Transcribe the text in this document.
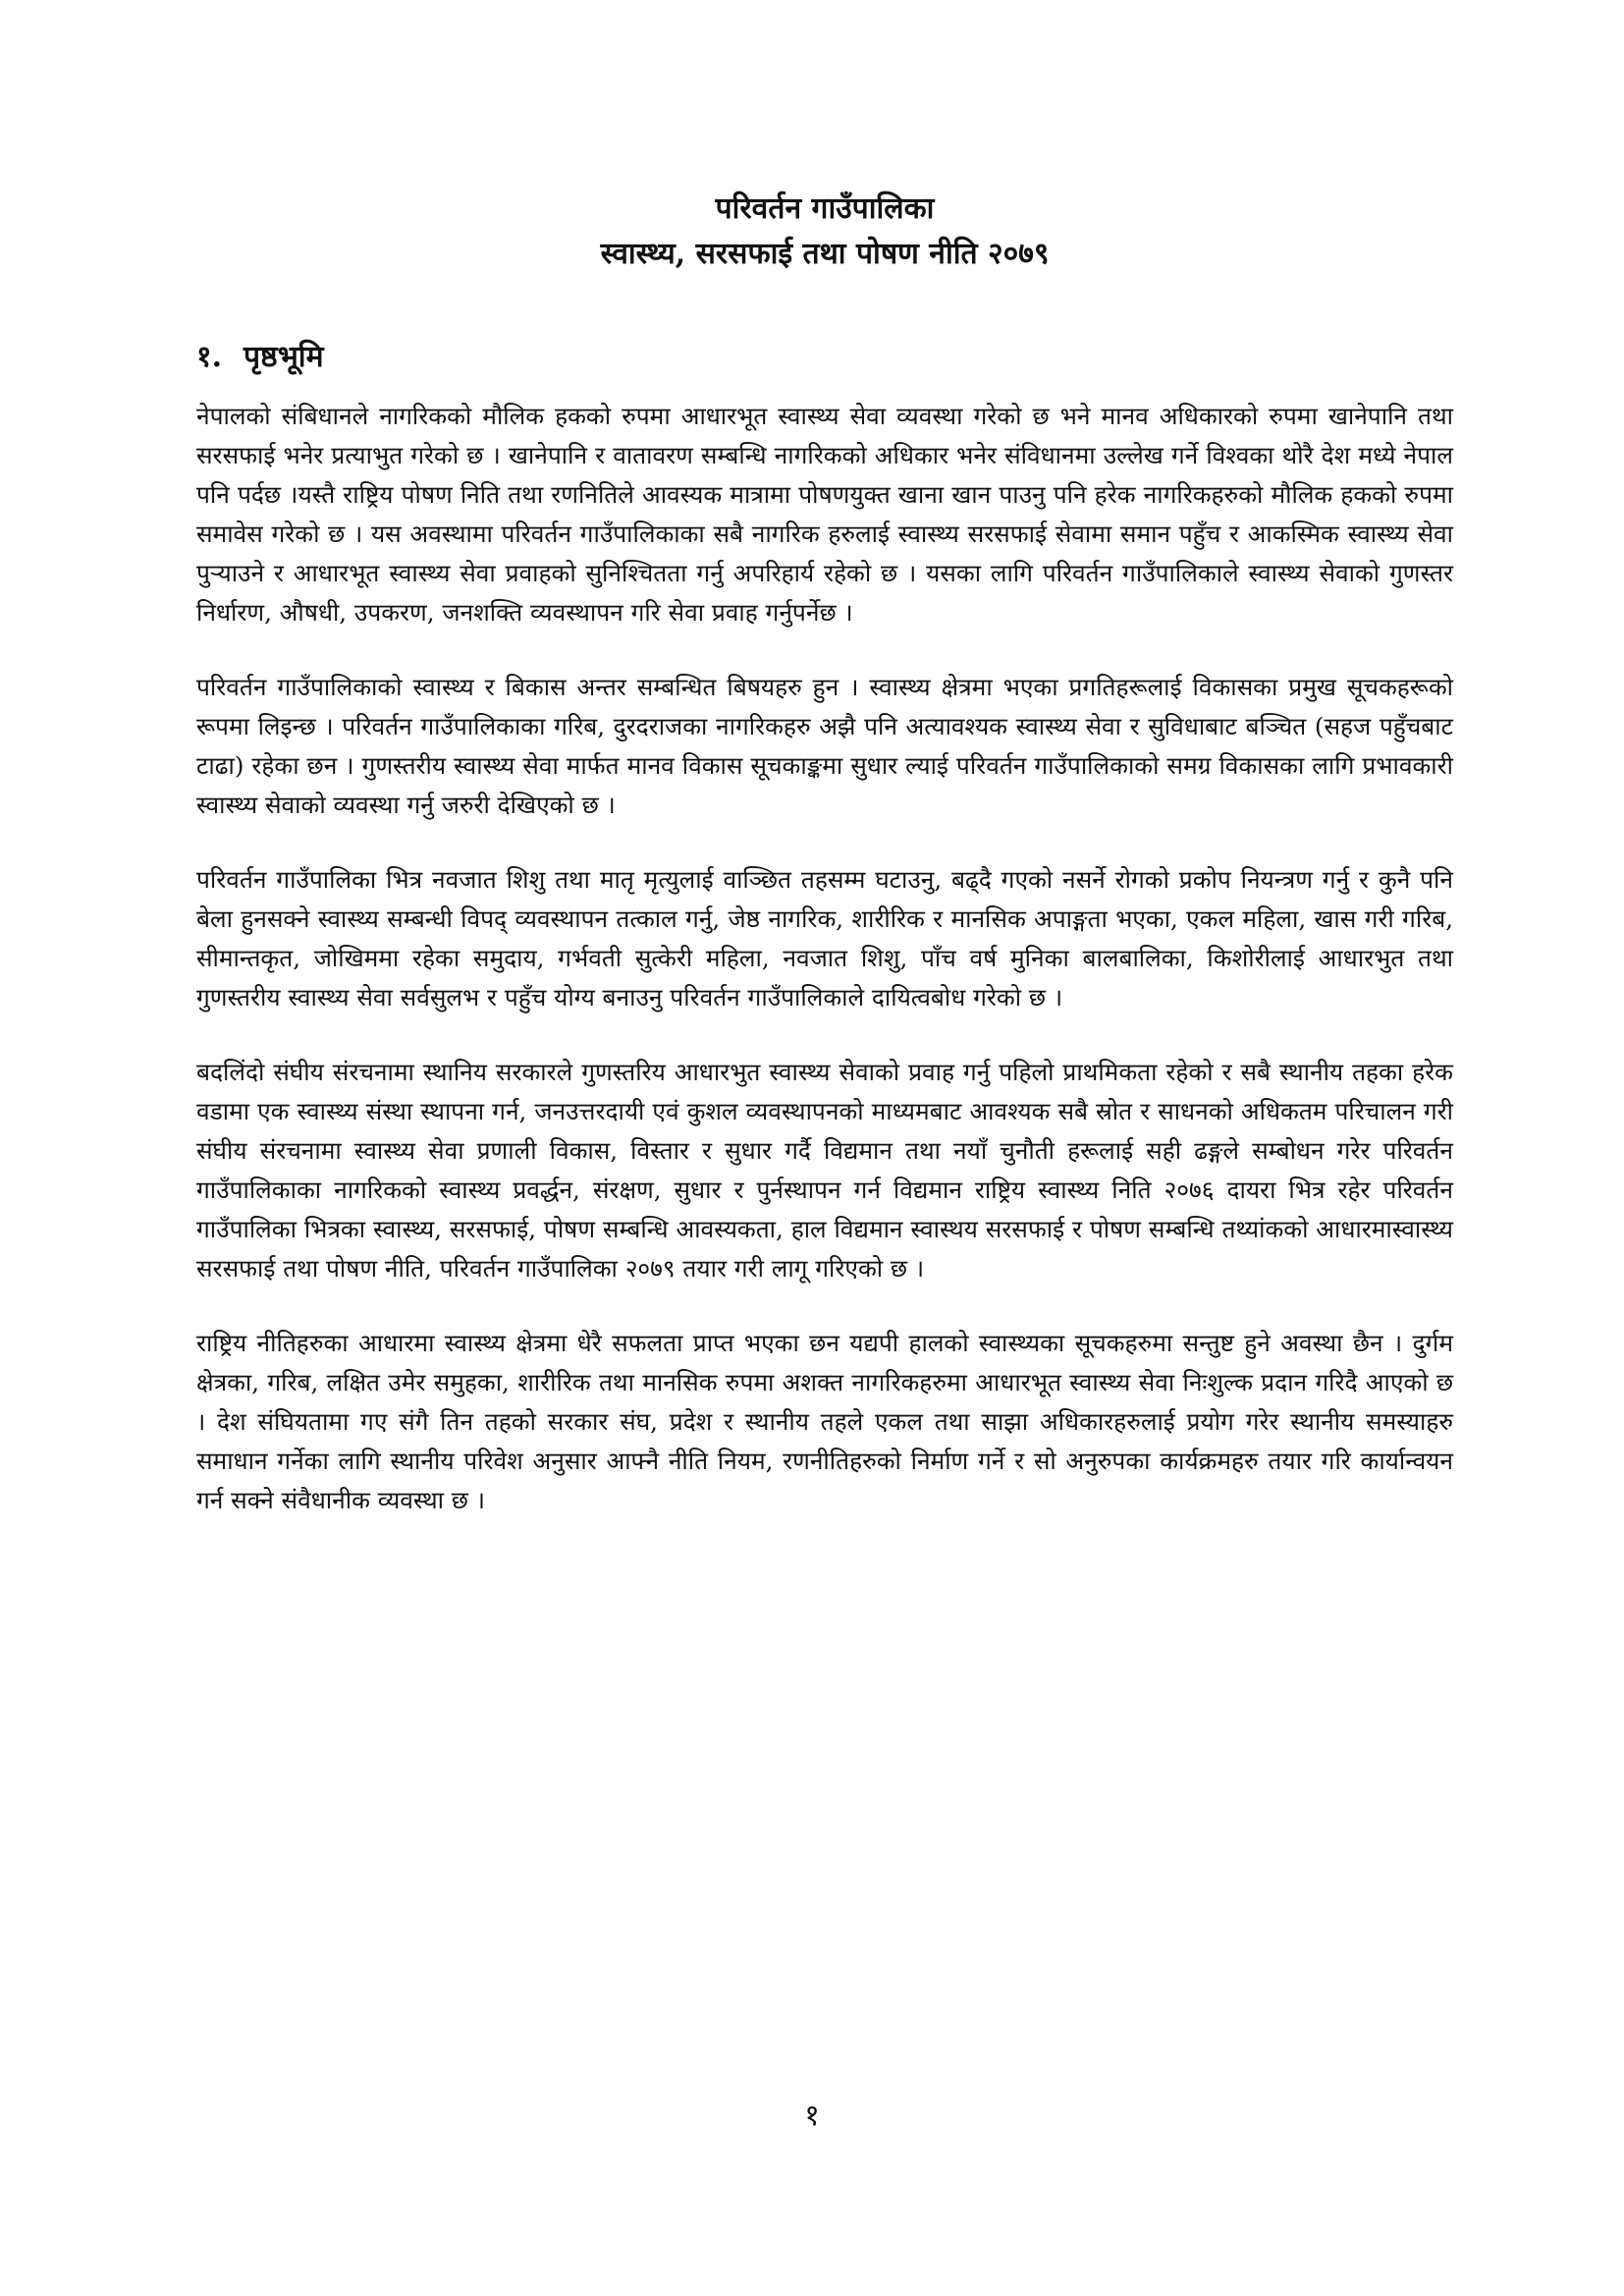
परिवर्तन गाउँपालिका
स्वास्थ्य, सरसफाई तथा पोषण नीति २०७९
१. पृष्ठभूमि

नेपालको संबिधानले नागरिकको मौलिक हकको रुपमा आधारभूत स्वास्थ्य सेवा व्यवस्था गरेको छ भने मानव अधिकारको रुपमा खानेपानि तथा सरसफाई भनेर प्रत्याभुत गरेको छ । खानेपानि र वातावरण सम्बन्धि नागरिकको अधिकार भनेर संविधानमा उल्लेख गर्ने विश्वका थोरै देश मध्ये नेपाल पनि पर्दछ ।यस्तै राष्ट्रिय पोषण निति तथा रणनितिले आवस्यक मात्रामा पोषणयुक्त खाना खान पाउनु पनि हरेक नागरिकहरुको मौलिक हकको रुपमा समावेस गरेको छ । यस अवस्थामा परिवर्तन गाउँपालिकाका सबै नागरिक हरुलाई स्वास्थ्य सरसफाई सेवामा समान पहुँच र आकस्मिक स्वास्थ्य सेवा पुर्‍याउने र आधारभूत स्वास्थ्य सेवा प्रवाहको सुनिश्चितता गर्नु अपरिहार्य रहेको छ । यसका लागि परिवर्तन गाउँपालिकाले स्वास्थ्य सेवाको गुणस्तर निर्धारण, औषधी, उपकरण, जनशक्ति व्यवस्थापन गरि सेवा प्रवाह गर्नुपर्नेछ ।

परिवर्तन गाउँपालिकाको स्वास्थ्य र बिकास अन्तर सम्बन्धित बिषयहरु हुन । स्वास्थ्य क्षेत्रमा भएका प्रगतिहरूलाई विकासका प्रमुख सूचकहरूको रूपमा लिइन्छ । परिवर्तन गाउँपालिकाका गरिब, दुरदराजका नागरिकहरु अझै पनि अत्यावश्यक स्वास्थ्य सेवा र सुविधाबाट बञ्चित (सहज पहुँचबाट टाढा) रहेका छन । गुणस्तरीय स्वास्थ्य सेवा मार्फत मानव विकास सूचकाङ्कमा सुधार ल्याई परिवर्तन गाउँपालिकाको समग्र विकासका लागि प्रभावकारी स्वास्थ्य सेवाको व्यवस्था गर्नु जरुरी देखिएको छ ।

परिवर्तन गाउँपालिका भित्र नवजात शिशु तथा मातृ मृत्युलाई वाञ्छित तहसम्म घटाउनु, बढ्दै गएको नसर्ने रोगको प्रकोप नियन्त्रण गर्नु र कुनै पनि बेला हुनसक्ने स्वास्थ्य सम्बन्धी विपद् व्यवस्थापन तत्काल गर्नु, जेष्ठ नागरिक, शारीरिक र मानसिक अपाङ्गता भएका, एकल महिला, खास गरी गरिब, सीमान्तकृत, जोखिममा रहेका समुदाय, गर्भवती सुत्केरी महिला, नवजात शिशु, पाँच वर्ष मुनिका बालबालिका, किशोरीलाई आधारभुत तथा गुणस्तरीय स्वास्थ्य सेवा सर्वसुलभ र पहुँच योग्य बनाउनु परिवर्तन गाउँपालिकाले दायित्वबोध गरेको छ ।

बदलिंदो संघीय संरचनामा स्थानिय सरकारले गुणस्तरिय आधारभुत स्वास्थ्य सेवाको प्रवाह गर्नु पहिलो प्राथमिकता रहेको र सबै स्थानीय तहका हरेक वडामा एक स्वास्थ्य संस्था स्थापना गर्न, जनउत्तरदायी एवं कुशल व्यवस्थापनको माध्यमबाट आवश्यक सबै स्रोत र साधनको अधिकतम परिचालन गरी संघीय संरचनामा स्वास्थ्य सेवा प्रणाली विकास, विस्तार र सुधार गर्दै विद्यमान तथा नयाँ चुनौती हरूलाई सही ढङ्गले सम्बोधन गरेर परिवर्तन गाउँपालिकाका नागरिकको स्वास्थ्य प्रवर्द्धन, संरक्षण, सुधार र पुर्नस्थापन गर्न विद्यमान राष्ट्रिय स्वास्थ्य निति २०७६ दायरा भित्र रहेर परिवर्तन गाउँपालिका भित्रका स्वास्थ्य, सरसफाई, पोषण सम्बन्धि आवस्यकता, हाल विद्यमान स्वास्थय सरसफाई र पोषण सम्बन्धि तथ्यांकको आधारमास्वास्थ्य सरसफाई तथा पोषण नीति, परिवर्तन गाउँपालिका २०७९ तयार गरी लागू गरिएको छ ।

राष्ट्रिय नीतिहरुका आधारमा स्वास्थ्य क्षेत्रमा धेरै सफलता प्राप्त भएका छन यद्यपी हालको स्वास्थ्यका सूचकहरुमा सन्तुष्ट हुने अवस्था छैन । दुर्गम क्षेत्रका, गरिब, लक्षित उमेर समुहका, शारीरिक तथा मानसिक रुपमा अशक्त नागरिकहरुमा आधारभूत स्वास्थ्य सेवा निःशुल्क प्रदान गरिदै आएको छ । देश संघियतामा गए संगै तिन तहको सरकार संघ, प्रदेश र स्थानीय तहले एकल तथा साझा अधिकारहरुलाई प्रयोग गरेर स्थानीय समस्याहरु समाधान गर्नेका लागि स्थानीय परिवेश अनुसार आफ्नै नीति नियम, रणनीतिहरुको निर्माण गर्ने र सो अनुरुपका कार्यक्रमहरु तयार गरि कार्यान्वयन गर्न सक्ने संवैधानीक व्यवस्था छ ।

१
